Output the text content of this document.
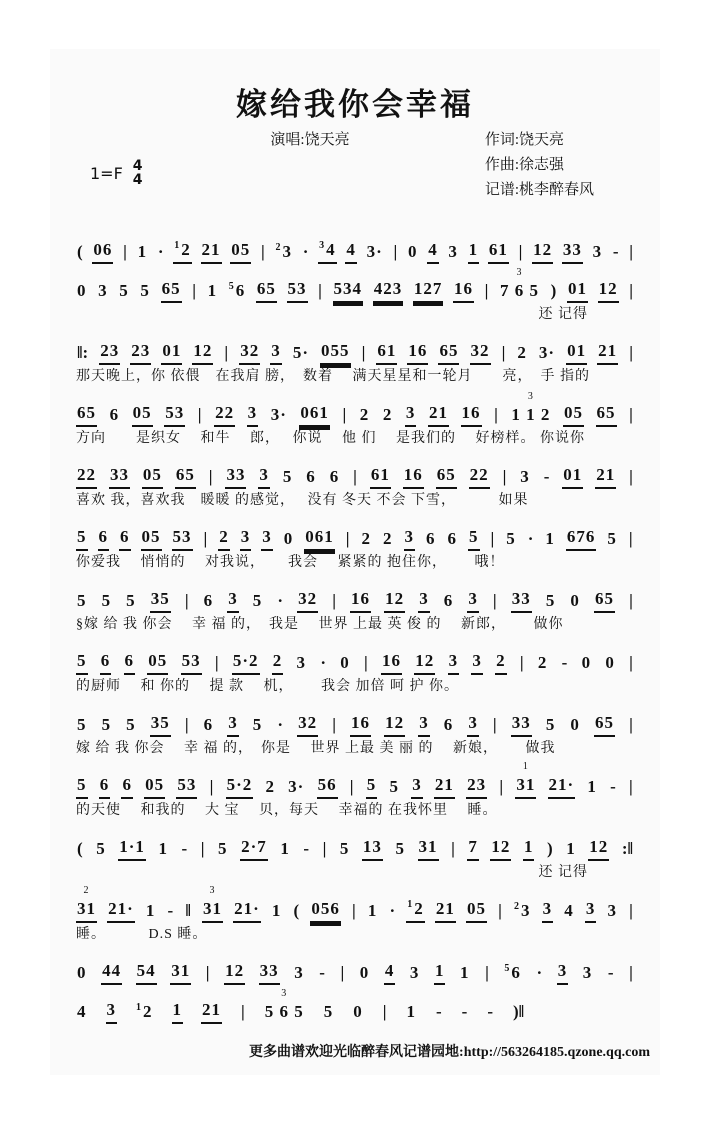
嫁给我你会幸福
演唱:饶天亮	作词:饶天亮
作曲:徐志强
记谱:桃李醉春风
1=F 4
4
( 06 | 1 · $^1$2 21 05 | $^2$3 · $^3$4 4 3· | 0 4 3 1 61 | 12 33 3 - |
0 3 5 5 65 | 1 $^5$6 65 53 | 534 423 127 16 | 7 6 5
3
) 01 12 |
还 记得
‖: 23 23 01 12 | 32 3 5· 055 | 61 16 65 32 | 2 3· 01 21 |
那天晚上，你 依偎　在我肩 膀，　数着　 满天星星和一轮月　　亮，　手 指的
65 6 05 53 | 22 3 3· 061 | 2 2 3 21 16 | 1 1 2
3
05 65 |
方向　　是织女　 和牛　 郎，　 你说　 他 们　 是我们的　 好榜样。 你说你
22 33 05 65 | 33 3 5 6 6 | 61 16 65 22 | 3 - 01 21 |
喜欢 我，喜欢我　暖暖 的感觉，　 没有 冬天 不会 下雪，　　　 如果
5 6 6 05 53 | 2 3 3 0 061 | 2 2 3 6 6 5 | 5 · 1 676 5 |
你爱我　 悄悄的　 对我说，　　我会　 紧紧的 抱住你，　　 哦！
5 5 5 35 | 6 3 5 · 32 | 16 12 3 6 3 | 33 5 0 65 |
§嫁 给 我 你会　 幸 福 的，　我是　 世界 上最 英 俊 的　 新郎，　　 做你
5 6 6 05 53 | 5·2 2 3 · 0 | 16 12 3 3 2 | 2 - 0 0 |
的厨师　 和 你的　 提 款　 机，　　 我会 加倍 呵 护 你。
5 5 5 35 | 6 3 5 · 32 | 16 12 3 6 3 | 33 5 0 65 |
嫁 给 我 你会　 幸 福 的，　你是　 世界 上最 美 丽 的　 新娘，　　 做我
5 6 6 05 53 | 5·2 2 3· 56 | 5 5 3 21 23 | 31
1
21· 1 - |
的天使　 和我的　 大 宝　 贝，每天　 幸福的 在我怀里　 睡。
( 5 1·1 1 - | 5 2·7 1 - | 5 13 5 31 | 7 12 1 ) 1 12 :‖
还 记得
31
2
21· 1 - ‖ 31
3
21· 1 ( 056 | 1 · $^1$2 21 05 | $^2$3 3 4 3 3 |
睡。　　　 D.S 睡。
0 44 54 31 | 12 33 3 - | 0 4 3 1 1 | $^5$6 · 3 3 - |
4 3 $^1$2 1 21 | 5 6 5
3
5 0 | 1 - - - )‖
更多曲谱欢迎光临醉春风记谱园地:http://563264185.qzone.qq.com
